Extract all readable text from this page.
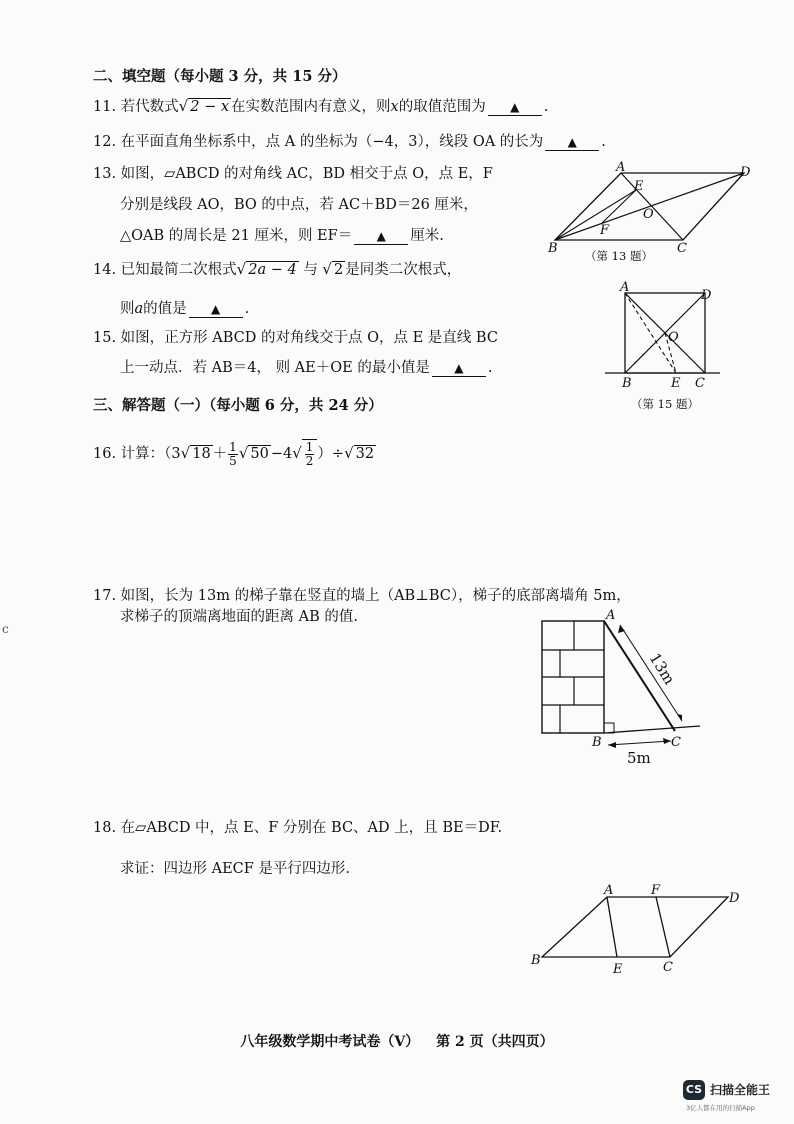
二、填空题（每小题 3 分，共 15 分）
11. 若代数式√ 2 − x 在实数范围内有意义，则x的取值范围为 ▲ .
12. 在平面直角坐标系中，点 A 的坐标为（−4，3），线段 OA 的长为 ▲ .
13. 如图，▱ABCD 的对角线 AC，BD 相交于点 O，点 E，F
分别是线段 AO，BO 的中点，若 AC＋BD＝26 厘米，
△OAB 的周长是 21 厘米，则 EF＝ ▲ 厘米.
A	D
E
O
F
B	C
（第 13 题）
14. 已知最简二次根式√ 2a − 4 与 √ 2 是同类二次根式，
则a的值是 ▲ .
15. 如图，正方形 ABCD 的对角线交于点 O，点 E 是直线 BC
上一动点．若 AB＝4， 则 AE＋OE 的最小值是 ▲ .
A
D
O
B	E C
（第 15 题）
三、解答题（一）（每小题 6 分，共 24 分）
16. 计算：（3√ $18 + \frac{1}{5}$ √ $50 -4√ \frac{1}{2}$ ）÷√ 32
17. 如图，长为 13m 的梯子靠在竖直的墙上（AB⊥BC），梯子的底部离墙角 5m，
求梯子的顶端离地面的距离 AB 的值.	A
B	C
13m
5m
18. 在▱ABCD 中，点 E、F 分别在 BC、AD 上，且 BE＝DF.
求证：四边形 AECF 是平行四边形.
A	F
D
B
E	C
八年级数学期中考试卷（V） 第 2 页（共四页）
CS 扫描全能王
3亿人都在用的扫描App
c
